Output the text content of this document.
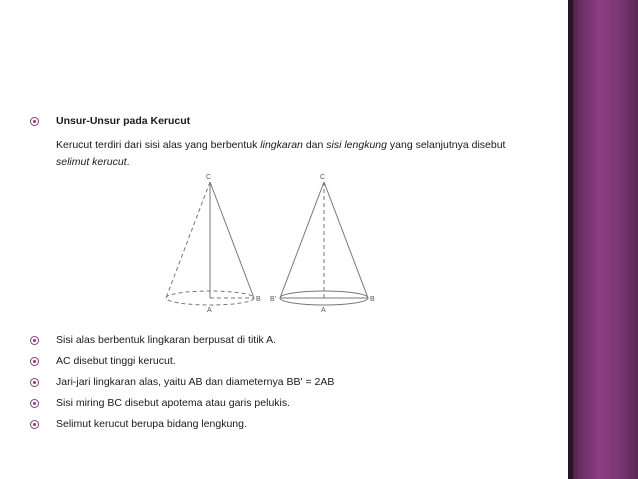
Unsur-Unsur pada Kerucut
Kerucut terdiri dari sisi alas yang berbentuk lingkaran dan sisi lengkung yang selanjutnya disebut selimut kerucut.
C
A
B
C
A
B'	B
Sisi alas berbentuk lingkaran berpusat di titik A.
AC disebut tinggi kerucut.
Jari-jari lingkaran alas, yaitu AB dan diameternya BB' = 2AB
Sisi miring BC disebut apotema atau garis pelukis.
Selimut kerucut berupa bidang lengkung.
